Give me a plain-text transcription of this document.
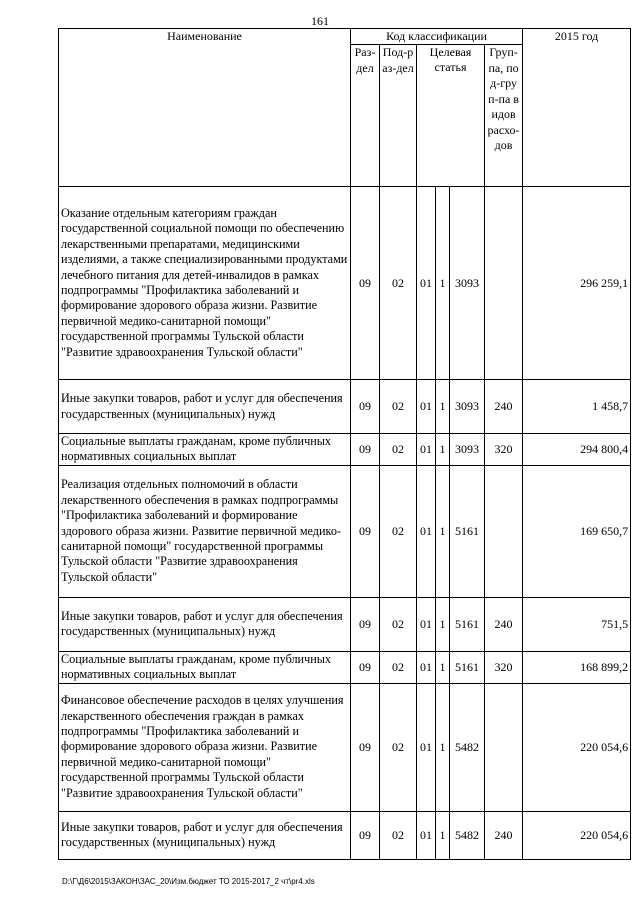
161
Наименование	Код классификации						2015 год
	Раз-дел	Под-раз-дел	Целевая статья			Груп-па, под-груп-па видов расхо-дов	
Оказание отдельным категориям граждан государственной социальной помощи по обеспечению лекарственными препаратами, медицинскими изделиями, а также специализированными продуктами лечебного питания для детей-инвалидов в рамках подпрограммы "Профилактика заболеваний и формирование здорового образа жизни. Развитие первичной медико-санитарной помощи" государственной программы Тульской области "Развитие здравоохранения Тульской области"	09	02	01	1	3093		296 259,1
Иные закупки товаров, работ и услуг для обеспечения государственных (муниципальных) нужд	09	02	01	1	3093	240	1 458,7
Социальные выплаты гражданам, кроме публичных нормативных социальных выплат	09	02	01	1	3093	320	294 800,4
Реализация отдельных полномочий в области лекарственного обеспечения в рамках подпрограммы "Профилактика заболеваний и формирование здорового образа жизни. Развитие первичной медико-санитарной помощи" государственной программы Тульской области "Развитие здравоохранения Тульской области"	09	02	01	1	5161		169 650,7
Иные закупки товаров, работ и услуг для обеспечения государственных (муниципальных) нужд	09	02	01	1	5161	240	751,5
Социальные выплаты гражданам, кроме публичных нормативных социальных выплат	09	02	01	1	5161	320	168 899,2
Финансовое обеспечение расходов в целях улучшения лекарственного обеспечения граждан в рамках подпрограммы "Профилактика заболеваний и формирование здорового образа жизни. Развитие первичной медико-санитарной помощи" государственной программы Тульской области "Развитие здравоохранения Тульской области"	09	02	01	1	5482		220 054,6
Иные закупки товаров, работ и услуг для обеспечения государственных (муниципальных) нужд	09	02	01	1	5482	240	220 054,6
D:\Г\Д6\2015\ЗАКОН\ЗАС_20\Изм.бюджет ТО 2015-2017_2 чт\pr4.xls
